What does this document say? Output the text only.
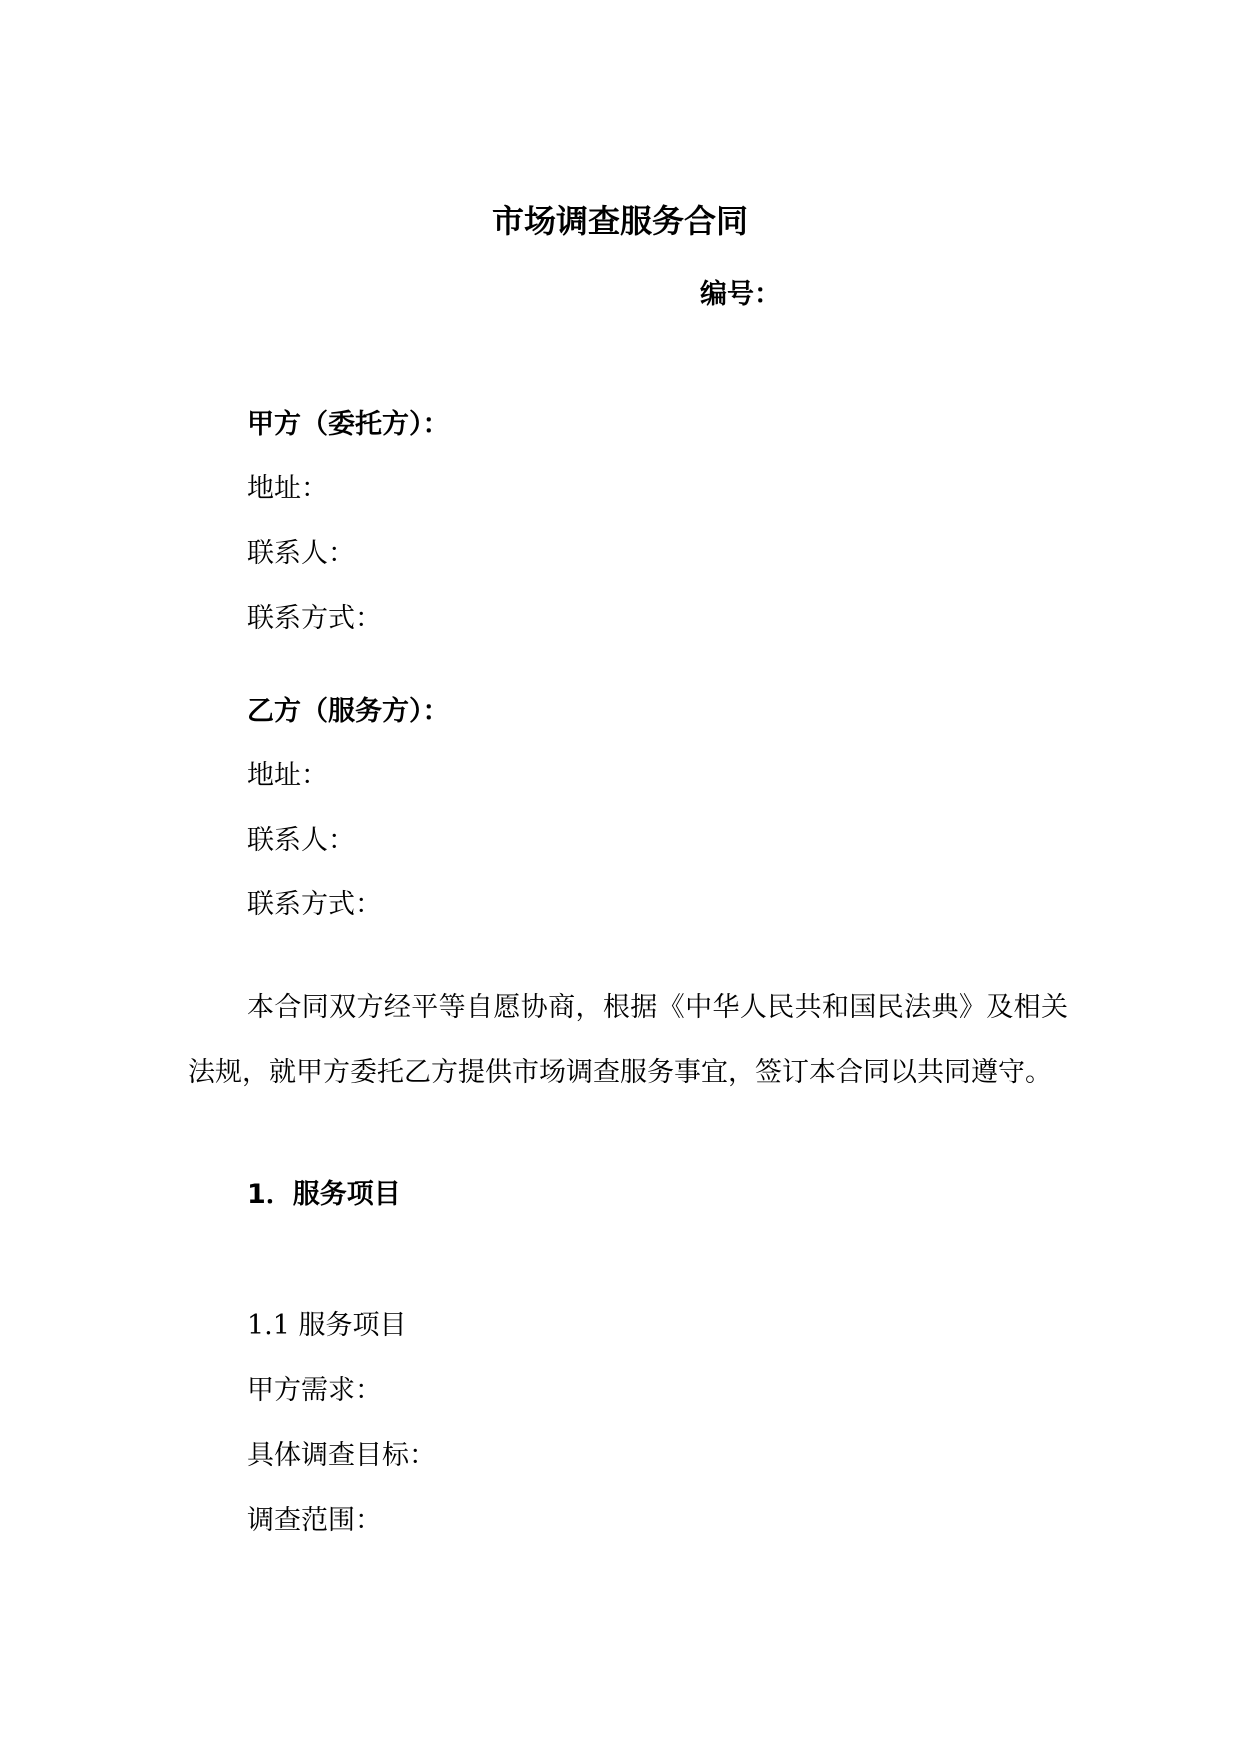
市场调查服务合同

编号：

甲方（委托方）：

地址：

联系人：

联系方式：

乙方（服务方）：

地址：

联系人：

联系方式：

本合同双方经平等自愿协商，根据《中华人民共和国民法典》及相关法规，就甲方委托乙方提供市场调查服务事宜，签订本合同以共同遵守。

1．服务项目

1.1 服务项目

甲方需求：

具体调查目标：

调查范围：
